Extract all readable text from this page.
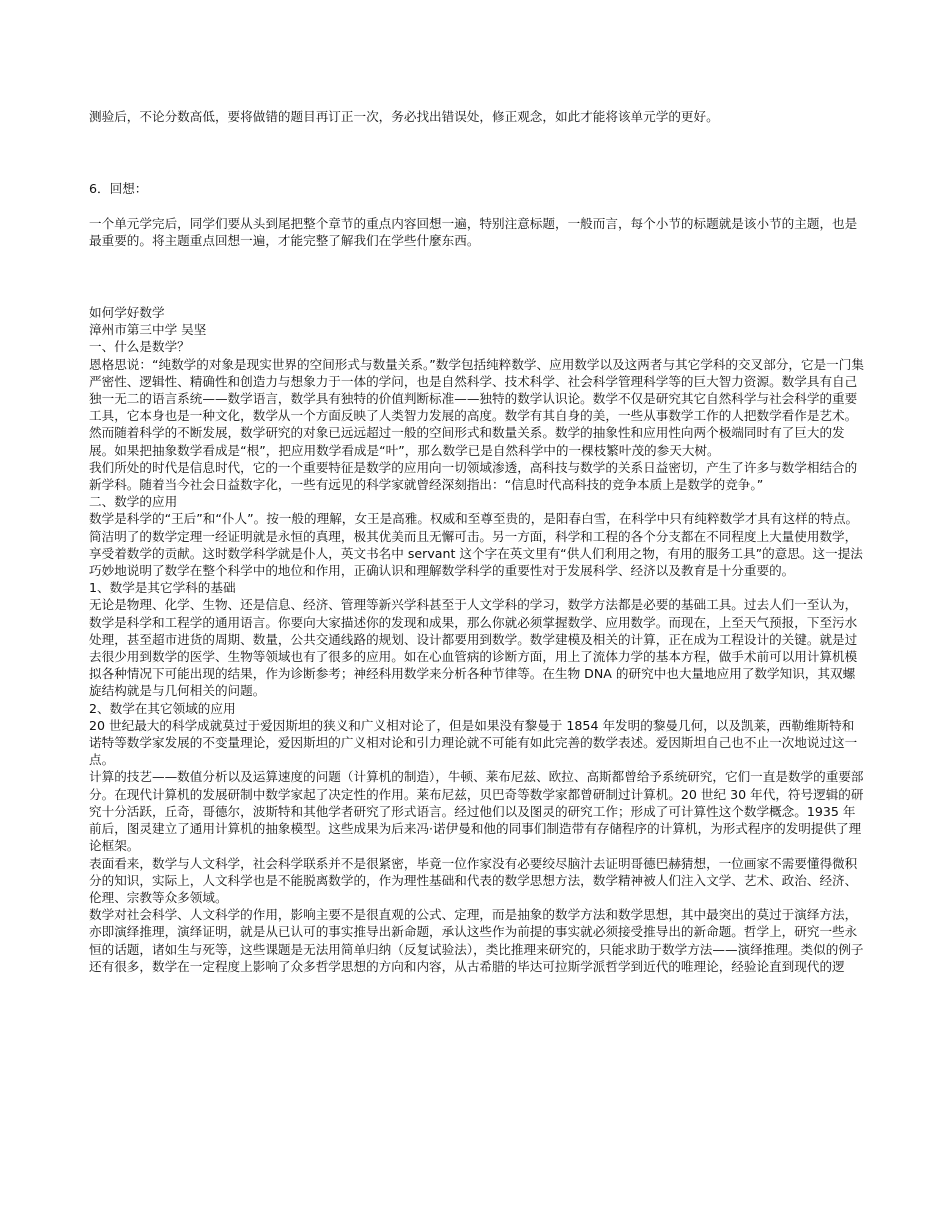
测验后，不论分数高低，要将做错的题目再订正一次，务必找出错误处，修正观念，如此才能将该单元学的更好。

6．回想：

一个单元学完后，同学们要从头到尾把整个章节的重点内容回想一遍，特别注意标题，一般而言，每个小节的标题就是该小节的主题，也是最重要的。将主题重点回想一遍，才能完整了解我们在学些什麼东西。

如何学好数学

漳州市第三中学 吴坚

一、什么是数学？

恩格思说：“纯数学的对象是现实世界的空间形式与数量关系。”数学包括纯粹数学、应用数学以及这两者与其它学科的交叉部分，它是一门集严密性、逻辑性、精确性和创造力与想象力于一体的学问，也是自然科学、技术科学、社会科学管理科学等的巨大智力资源。数学具有自己独一无二的语言系统——数学语言，数学具有独特的价值判断标准——独特的数学认识论。数学不仅是研究其它自然科学与社会科学的重要工具，它本身也是一种文化，数学从一个方面反映了人类智力发展的高度。数学有其自身的美，一些从事数学工作的人把数学看作是艺术。然而随着科学的不断发展，数学研究的对象已远远超过一般的空间形式和数量关系。数学的抽象性和应用性向两个极端同时有了巨大的发展。如果把抽象数学看成是“根”，把应用数学看成是“叶”，那么数学已是自然科学中的一棵枝繁叶茂的参天大树。

我们所处的时代是信息时代，它的一个重要特征是数学的应用向一切领域渗透，高科技与数学的关系日益密切，产生了许多与数学相结合的新学科。随着当今社会日益数字化，一些有远见的科学家就曾经深刻指出：“信息时代高科技的竞争本质上是数学的竞争。”

二、数学的应用

数学是科学的“王后”和“仆人”。按一般的理解，女王是高雅。权威和至尊至贵的，是阳春白雪，在科学中只有纯粹数学才具有这样的特点。简洁明了的数学定理一经证明就是永恒的真理，极其优美而且无懈可击。另一方面，科学和工程的各个分支都在不同程度上大量使用数学，享受着数学的贡献。这时数学科学就是仆人，英文书名中 servant 这个字在英文里有“供人们利用之物，有用的服务工具”的意思。这一提法巧妙地说明了数学在整个科学中的地位和作用，正确认识和理解数学科学的重要性对于发展科学、经济以及教育是十分重要的。

1、数学是其它学科的基础

无论是物理、化学、生物、还是信息、经济、管理等新兴学科甚至于人文学科的学习，数学方法都是必要的基础工具。过去人们一至认为，数学是科学和工程学的通用语言。你要向大家描述你的发现和成果，那么你就必须掌握数学、应用数学。而现在，上至天气预报，下至污水处理，甚至超市进货的周期、数量，公共交通线路的规划、设计都要用到数学。数学建模及相关的计算，正在成为工程设计的关键。就是过去很少用到数学的医学、生物等领域也有了很多的应用。如在心血管病的诊断方面，用上了流体力学的基本方程，做手术前可以用计算机模拟各种情况下可能出现的结果，作为诊断参考；神经科用数学来分析各种节律等。在生物 DNA 的研究中也大量地应用了数学知识，其双螺旋结构就是与几何相关的问题。

2、数学在其它领域的应用

20 世纪最大的科学成就莫过于爱因斯坦的狭义和广义相对论了，但是如果没有黎曼于 1854 年发明的黎曼几何，以及凯莱，西勒维斯特和诺特等数学家发展的不变量理论，爱因斯坦的广义相对论和引力理论就不可能有如此完善的数学表述。爱因斯坦自己也不止一次地说过这一点。

计算的技艺——数值分析以及运算速度的问题（计算机的制造），牛顿、莱布尼兹、欧拉、高斯都曾给予系统研究，它们一直是数学的重要部分。在现代计算机的发展研制中数学家起了决定性的作用。莱布尼兹，贝巴奇等数学家都曾研制过计算机。20 世纪 30 年代，符号逻辑的研究十分活跃，丘奇，哥德尔，波斯特和其他学者研究了形式语言。经过他们以及图灵的研究工作；形成了可计算性这个数学概念。1935 年前后，图灵建立了通用计算机的抽象模型。这些成果为后来冯·诺伊曼和他的同事们制造带有存储程序的计算机，为形式程序的发明提供了理论框架。

表面看来，数学与人文科学，社会科学联系并不是很紧密，毕竟一位作家没有必要绞尽脑汁去证明哥德巴赫猜想，一位画家不需要懂得微积分的知识，实际上，人文科学也是不能脱离数学的，作为理性基础和代表的数学思想方法，数学精神被人们注入文学、艺术、政治、经济、伦理、宗教等众多领域。

数学对社会科学、人文科学的作用，影响主要不是很直观的公式、定理，而是抽象的数学方法和数学思想，其中最突出的莫过于演绎方法，亦即演绎推理，演绎证明，就是从已认可的事实推导出新命题，承认这些作为前提的事实就必须接受推导出的新命题。哲学上，研究一些永恒的话题，诸如生与死等，这些课题是无法用简单归纳（反复试验法），类比推理来研究的，只能求助于数学方法——演绎推理。类似的例子还有很多，数学在一定程度上影响了众多哲学思想的方向和内容，从古希腊的毕达可拉斯学派哲学到近代的唯理论，经验论直到现代的逻
